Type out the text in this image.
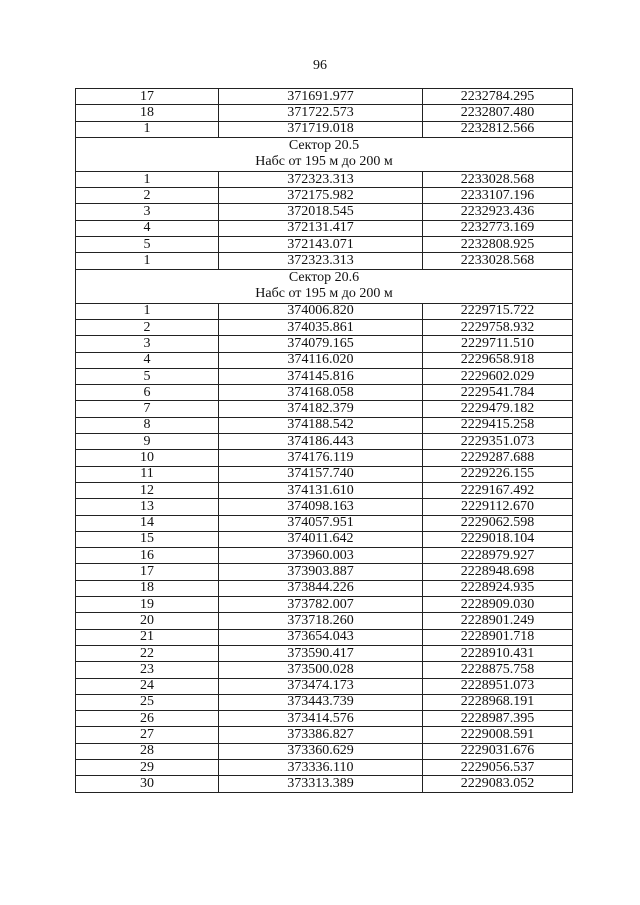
96
17	371691.977	2232784.295
18	371722.573	2232807.480
1	371719.018	2232812.566

Сектор 20.5
Набс от 195 м до 200 м		

1	372323.313	2233028.568
2	372175.982	2233107.196
3	372018.545	2232923.436
4	372131.417	2232773.169
5	372143.071	2232808.925
1	372323.313	2233028.568

Сектор 20.6
Набс от 195 м до 200 м		

1	374006.820	2229715.722
2	374035.861	2229758.932
3	374079.165	2229711.510
4	374116.020	2229658.918
5	374145.816	2229602.029
6	374168.058	2229541.784
7	374182.379	2229479.182
8	374188.542	2229415.258
9	374186.443	2229351.073
10	374176.119	2229287.688
11	374157.740	2229226.155
12	374131.610	2229167.492
13	374098.163	2229112.670
14	374057.951	2229062.598
15	374011.642	2229018.104
16	373960.003	2228979.927
17	373903.887	2228948.698
18	373844.226	2228924.935
19	373782.007	2228909.030
20	373718.260	2228901.249
21	373654.043	2228901.718
22	373590.417	2228910.431
23	373500.028	2228875.758
24	373474.173	2228951.073
25	373443.739	2228968.191
26	373414.576	2228987.395
27	373386.827	2229008.591
28	373360.629	2229031.676
29	373336.110	2229056.537
30	373313.389	2229083.052
